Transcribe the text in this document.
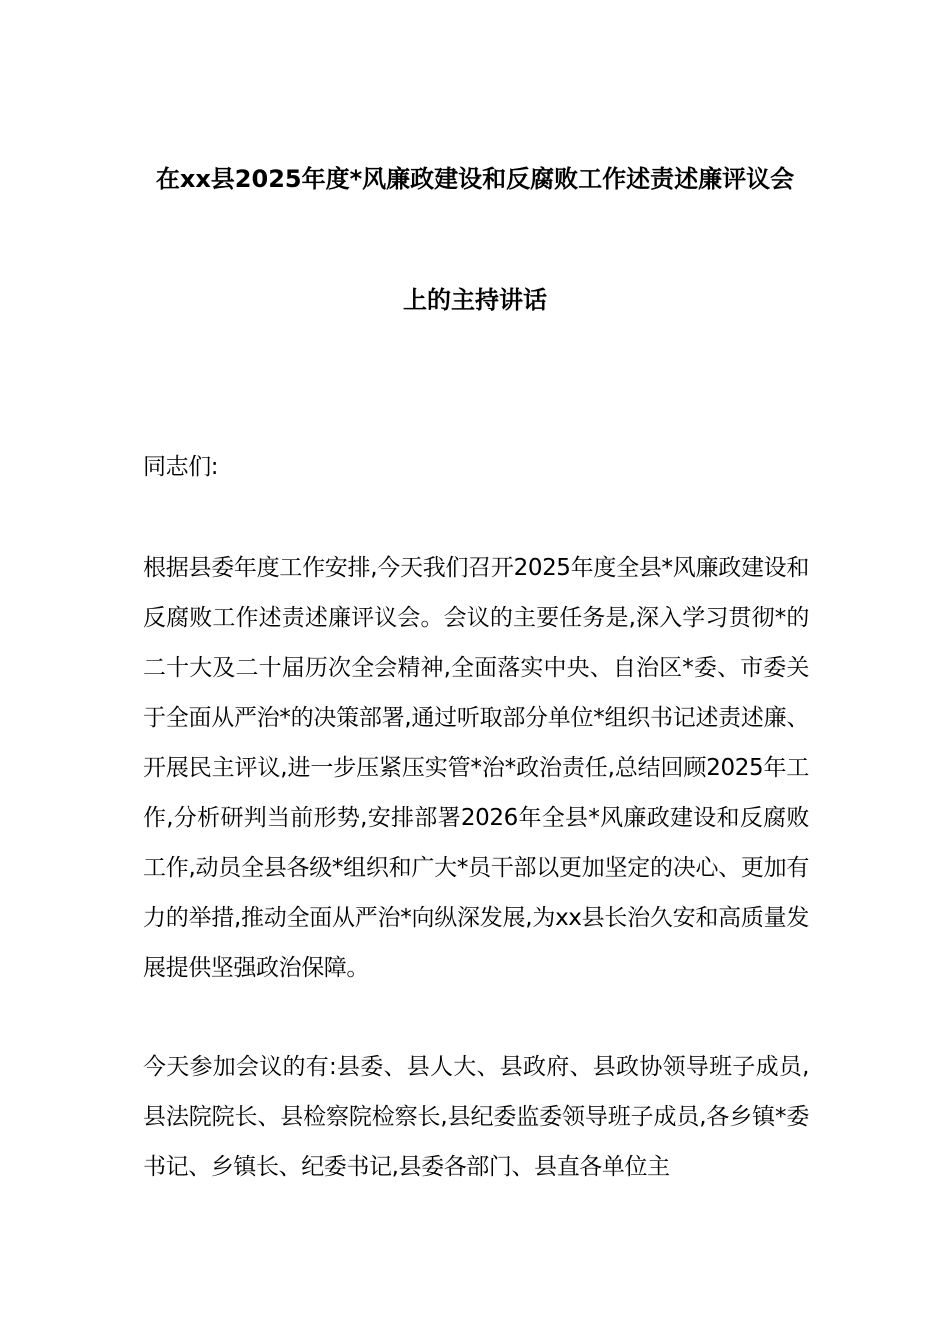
在xx县2025年度*风廉政建设和反腐败工作述责述廉评议会
上的主持讲话
同志们:
根据县委年度工作安排,今天我们召开2025年度全县*风廉政建设和反腐败工作述责述廉评议会。会议的主要任务是,深入学习贯彻*的二十大及二十届历次全会精神,全面落实中央、自治区*委、市委关于全面从严治*的决策部署,通过听取部分单位*组织书记述责述廉、开展民主评议,进一步压紧压实管*治*政治责任,总结回顾2025年工作,分析研判当前形势,安排部署2026年全县*风廉政建设和反腐败工作,动员全县各级*组织和广大*员干部以更加坚定的决心、更加有力的举措,推动全面从严治*向纵深发展,为xx县长治久安和高质量发展提供坚强政治保障。
今天参加会议的有:县委、县人大、县政府、县政协领导班子成员,县法院院长、县检察院检察长,县纪委监委领导班子成员,各乡镇*委书记、乡镇长、纪委书记,县委各部门、县直各单位主
